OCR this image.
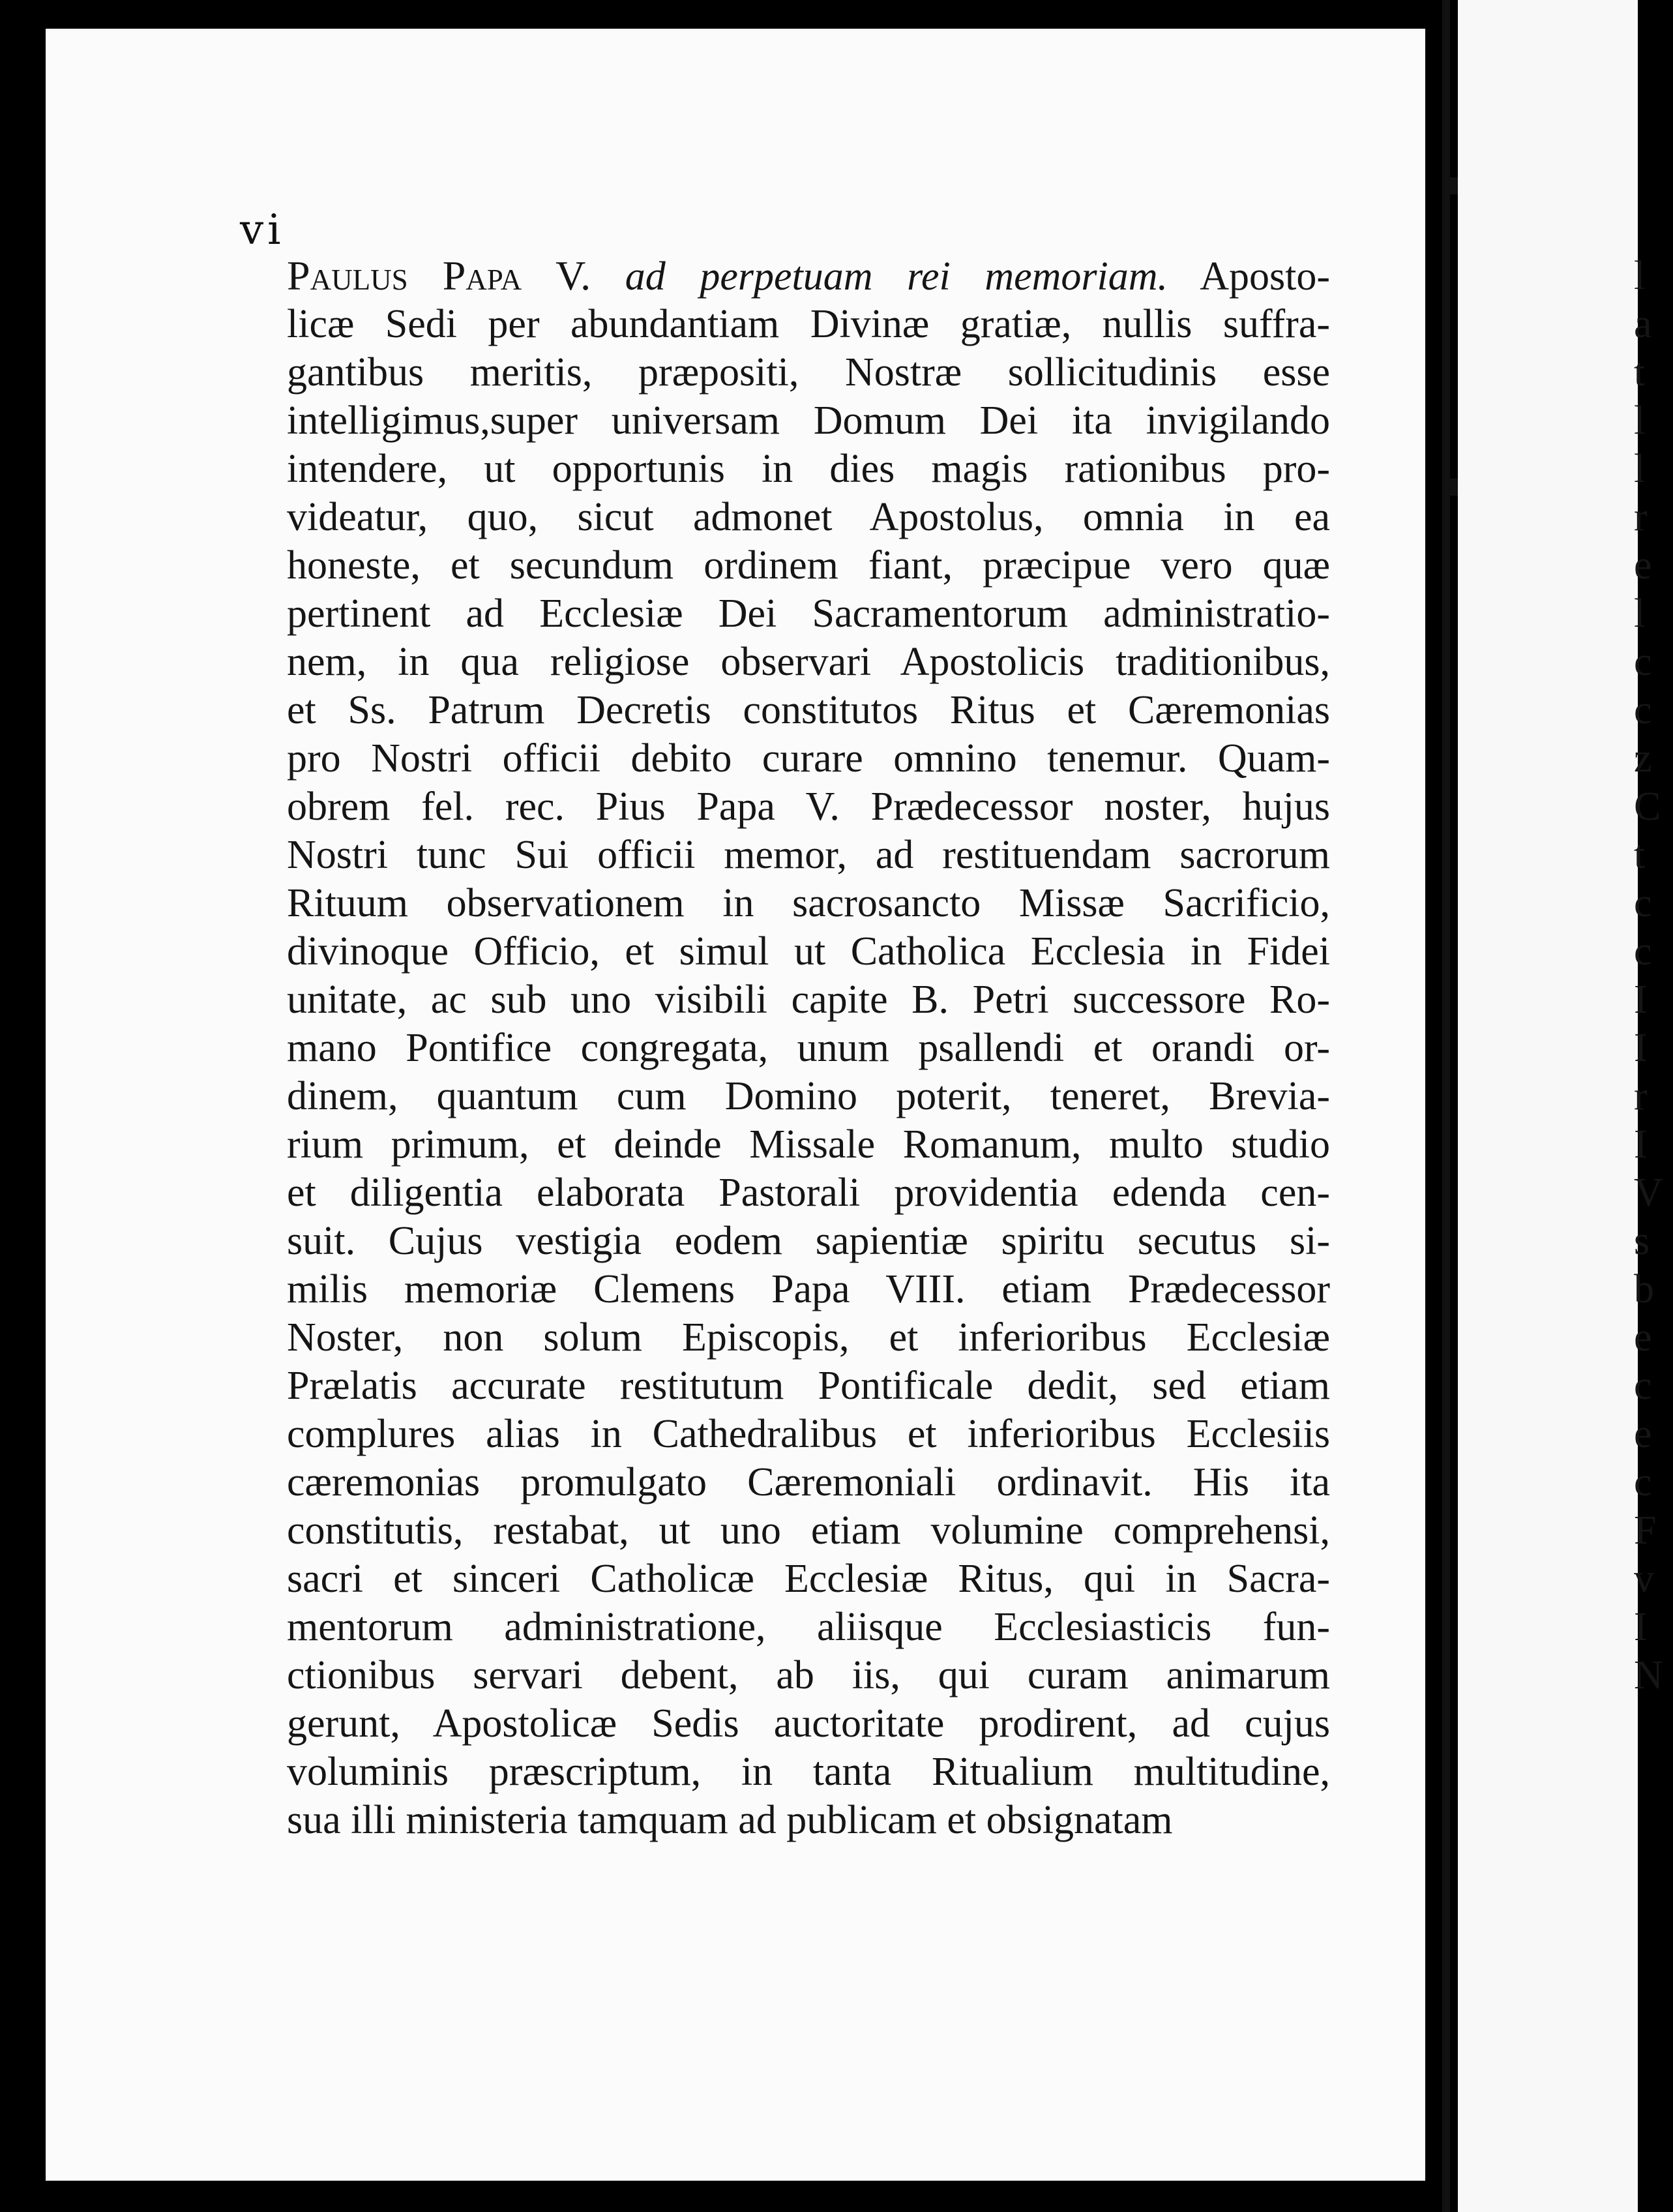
vi
Paulus Papa V. ad perpetuam rei memoriam. Aposto-
licæ Sedi per abundantiam Divinæ gratiæ, nullis suffra-
gantibus meritis, præpositi, Nostræ sollicitudinis esse
intelligimus,super universam Domum Dei ita invigilando
intendere, ut opportunis in dies magis rationibus pro-
videatur, quo, sicut admonet Apostolus, omnia in ea
honeste, et secundum ordinem fiant, præcipue vero quæ
pertinent ad Ecclesiæ Dei Sacramentorum administratio-
nem, in qua religiose observari Apostolicis traditionibus,
et Ss. Patrum Decretis constitutos Ritus et Cæremonias
pro Nostri officii debito curare omnino tenemur. Quam-
obrem fel. rec. Pius Papa V. Prædecessor noster, hujus
Nostri tunc Sui officii memor, ad restituendam sacrorum
Rituum observationem in sacrosancto Missæ Sacrificio,
divinoque Officio, et simul ut Catholica Ecclesia in Fidei
unitate, ac sub uno visibili capite B. Petri successore Ro-
mano Pontifice congregata, unum psallendi et orandi or-
dinem, quantum cum Domino poterit, teneret, Brevia-
rium primum, et deinde Missale Romanum, multo studio
et diligentia elaborata Pastorali providentia edenda cen-
suit. Cujus vestigia eodem sapientiæ spiritu secutus si-
milis memoriæ Clemens Papa VIII. etiam Prædecessor
Noster, non solum Episcopis, et inferioribus Ecclesiæ
Prælatis accurate restitutum Pontificale dedit, sed etiam
complures alias in Cathedralibus et inferioribus Ecclesiis
cæremonias promulgato Cæremoniali ordinavit. His ita
constitutis, restabat, ut uno etiam volumine comprehensi,
sacri et sinceri Catholicæ Ecclesiæ Ritus, qui in Sacra-
mentorum administratione, aliisque Ecclesiasticis fun-
ctionibus servari debent, ab iis, qui curam animarum
gerunt, Apostolicæ Sedis auctoritate prodirent, ad cujus
voluminis præscriptum, in tanta Ritualium multitudine,
sua illi ministeria tamquam ad publicam et obsignatam
l
a
t
l
l
r
e
l
c
c
z
C
t
c
c
I
I
r
I
V
s
b
e
c
e
c
F
v
I
N
